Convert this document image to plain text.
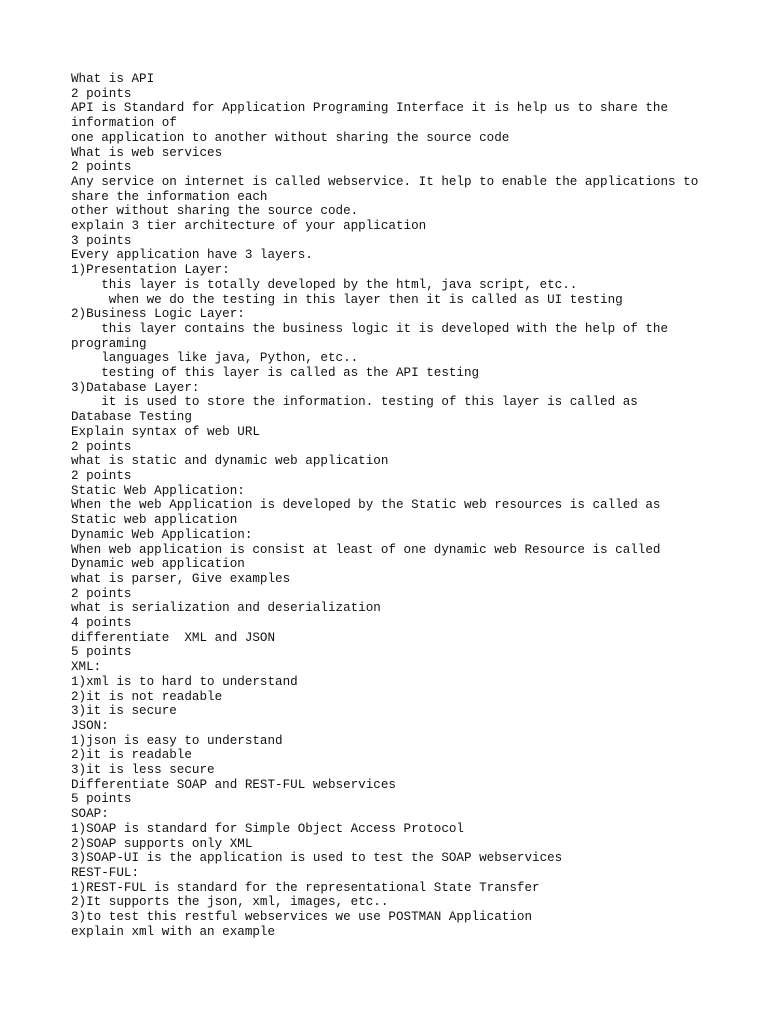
What is API
2 points
API is Standard for Application Programing Interface it is help us to share the
information of
one application to another without sharing the source code
What is web services
2 points
Any service on internet is called webservice. It help to enable the applications to
share the information each
other without sharing the source code.
explain 3 tier architecture of your application
3 points
Every application have 3 layers.
1)Presentation Layer:
this layer is totally developed by the html, java script, etc..
when we do the testing in this layer then it is called as UI testing
2)Business Logic Layer:
this layer contains the business logic it is developed with the help of the
programing
languages like java, Python, etc..
testing of this layer is called as the API testing
3)Database Layer:
it is used to store the information. testing of this layer is called as
Database Testing
Explain syntax of web URL
2 points
what is static and dynamic web application
2 points
Static Web Application:
When the web Application is developed by the Static web resources is called as
Static web application
Dynamic Web Application:
When web application is consist at least of one dynamic web Resource is called
Dynamic web application
what is parser, Give examples
2 points
what is serialization and deserialization
4 points
differentiate  XML and JSON
5 points
XML:
1)xml is to hard to understand
2)it is not readable
3)it is secure
JSON:
1)json is easy to understand
2)it is readable
3)it is less secure
Differentiate SOAP and REST-FUL webservices
5 points
SOAP:
1)SOAP is standard for Simple Object Access Protocol
2)SOAP supports only XML
3)SOAP-UI is the application is used to test the SOAP webservices
REST-FUL:
1)REST-FUL is standard for the representational State Transfer
2)It supports the json, xml, images, etc..
3)to test this restful webservices we use POSTMAN Application
explain xml with an example
